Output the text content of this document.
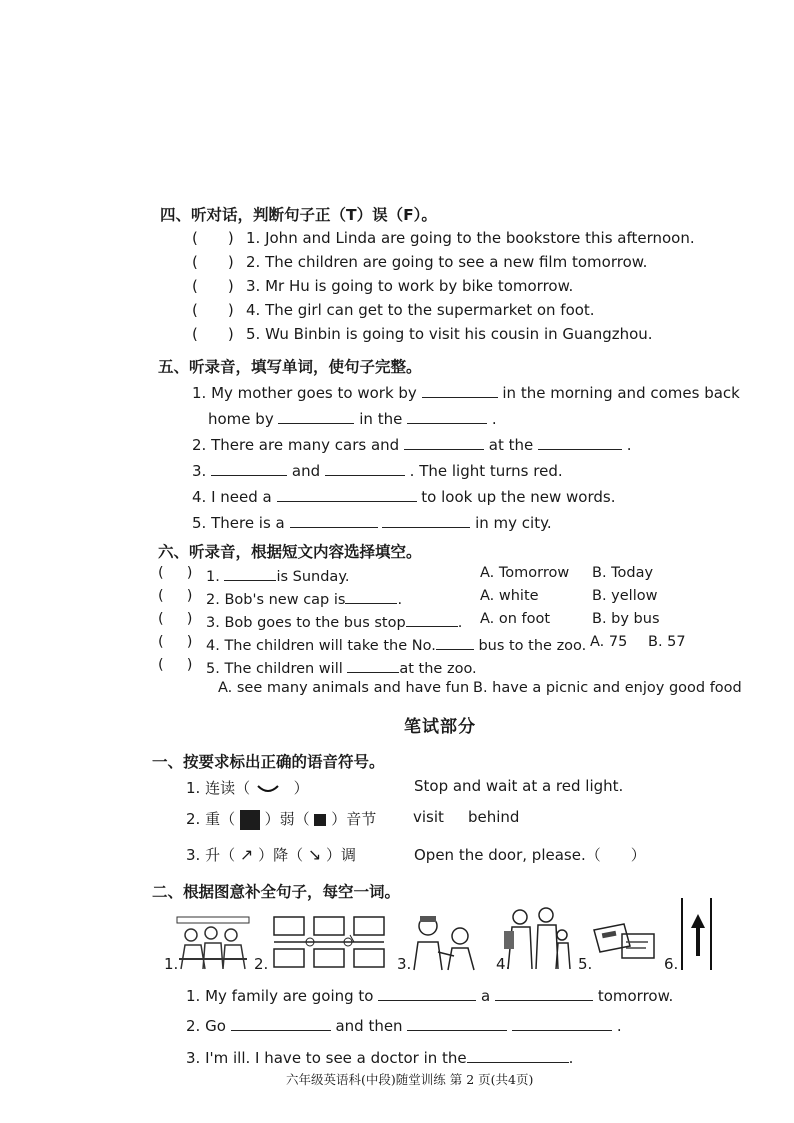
四、听对话，判断句子正（T）误（F）。
( ) 1. John and Linda are going to the bookstore this afternoon.
( ) 2. The children are going to see a new film tomorrow.
( ) 3. Mr Hu is going to work by bike tomorrow.
( ) 4. The girl can get to the supermarket on foot.
( ) 5. Wu Binbin is going to visit his cousin in Guangzhou.
五、听录音，填写单词，使句子完整。
1. My mother goes to work by	in the morning and comes back
home by	in the	.
2. There are many cars and	at the	.
3.	and	. The light turns red.
4. I need a	to look up the new words.
5. There is a	in my city.
六、听录音，根据短文内容选择填空。
(     ) 1.	is Sunday.	A. Tomorrow B. Today
(     ) 2. Bob's new cap is	.	A. white	B. yellow
(     ) 3. Bob goes to the bus stop	. A. on foot	B. by bus
(     ) 4. The children will take the No.	bus to the zoo. A. 75 B. 57
(     ) 5. The children will	at the zoo.
A. see many animals and have fun B. have a picnic and enjoy good food
笔试部分
一、按要求标出正确的语音符号。
1. 连读（	）	Stop and wait at a red light.
2. 重（ ）弱（ ）音节 visit behind
3. 升（ ↗ ）降（ ↘ ）调	Open the door, please.（ ）
二、根据图意补全句子，每空一词。
1.	2.	3.	4.	5.	6.
1. My family are going to	a	tomorrow.
2. Go	and then	.
3. I'm ill. I have to see a doctor in the	.
六年级英语科(中段)随堂训练 第 2 页(共4页)
